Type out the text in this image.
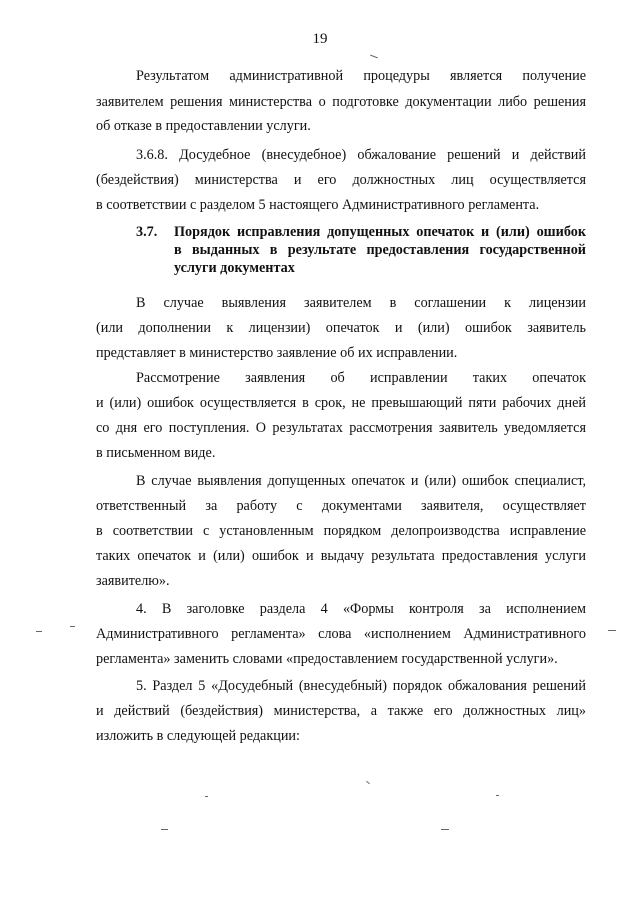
19
Результатом административной процедуры является получение
заявителем решения министерства о подготовке документации либо решения
об отказе в предоставлении услуги.
3.6.8. Досудебное (внесудебное) обжалование решений и действий
(бездействия) министерства и его должностных лиц осуществляется
в соответствии с разделом 5 настоящего Административного регламента.
3.7. Порядок исправления допущенных опечаток и (или) ошибок
в выданных в результате предоставления государственной
услуги документах
В случае выявления заявителем в соглашении к лицензии
(или дополнении к лицензии) опечаток и (или) ошибок заявитель
представляет в министерство заявление об их исправлении.
Рассмотрение заявления об исправлении таких опечаток
и (или) ошибок осуществляется в срок, не превышающий пяти рабочих дней
со дня его поступления. О результатах рассмотрения заявитель уведомляется
в письменном виде.
В случае выявления допущенных опечаток и (или) ошибок специалист,
ответственный за работу с документами заявителя, осуществляет
в соответствии с установленным порядком делопроизводства исправление
таких опечаток и (или) ошибок и выдачу результата предоставления услуги
заявителю».
4. В заголовке раздела 4 «Формы контроля за исполнением
Административного регламента» слова «исполнением Административного
регламента» заменить словами «предоставлением государственной услуги».
5. Раздел 5 «Досудебный (внесудебный) порядок обжалования решений
и действий (бездействия) министерства, а также его должностных лиц»
изложить в следующей редакции:
